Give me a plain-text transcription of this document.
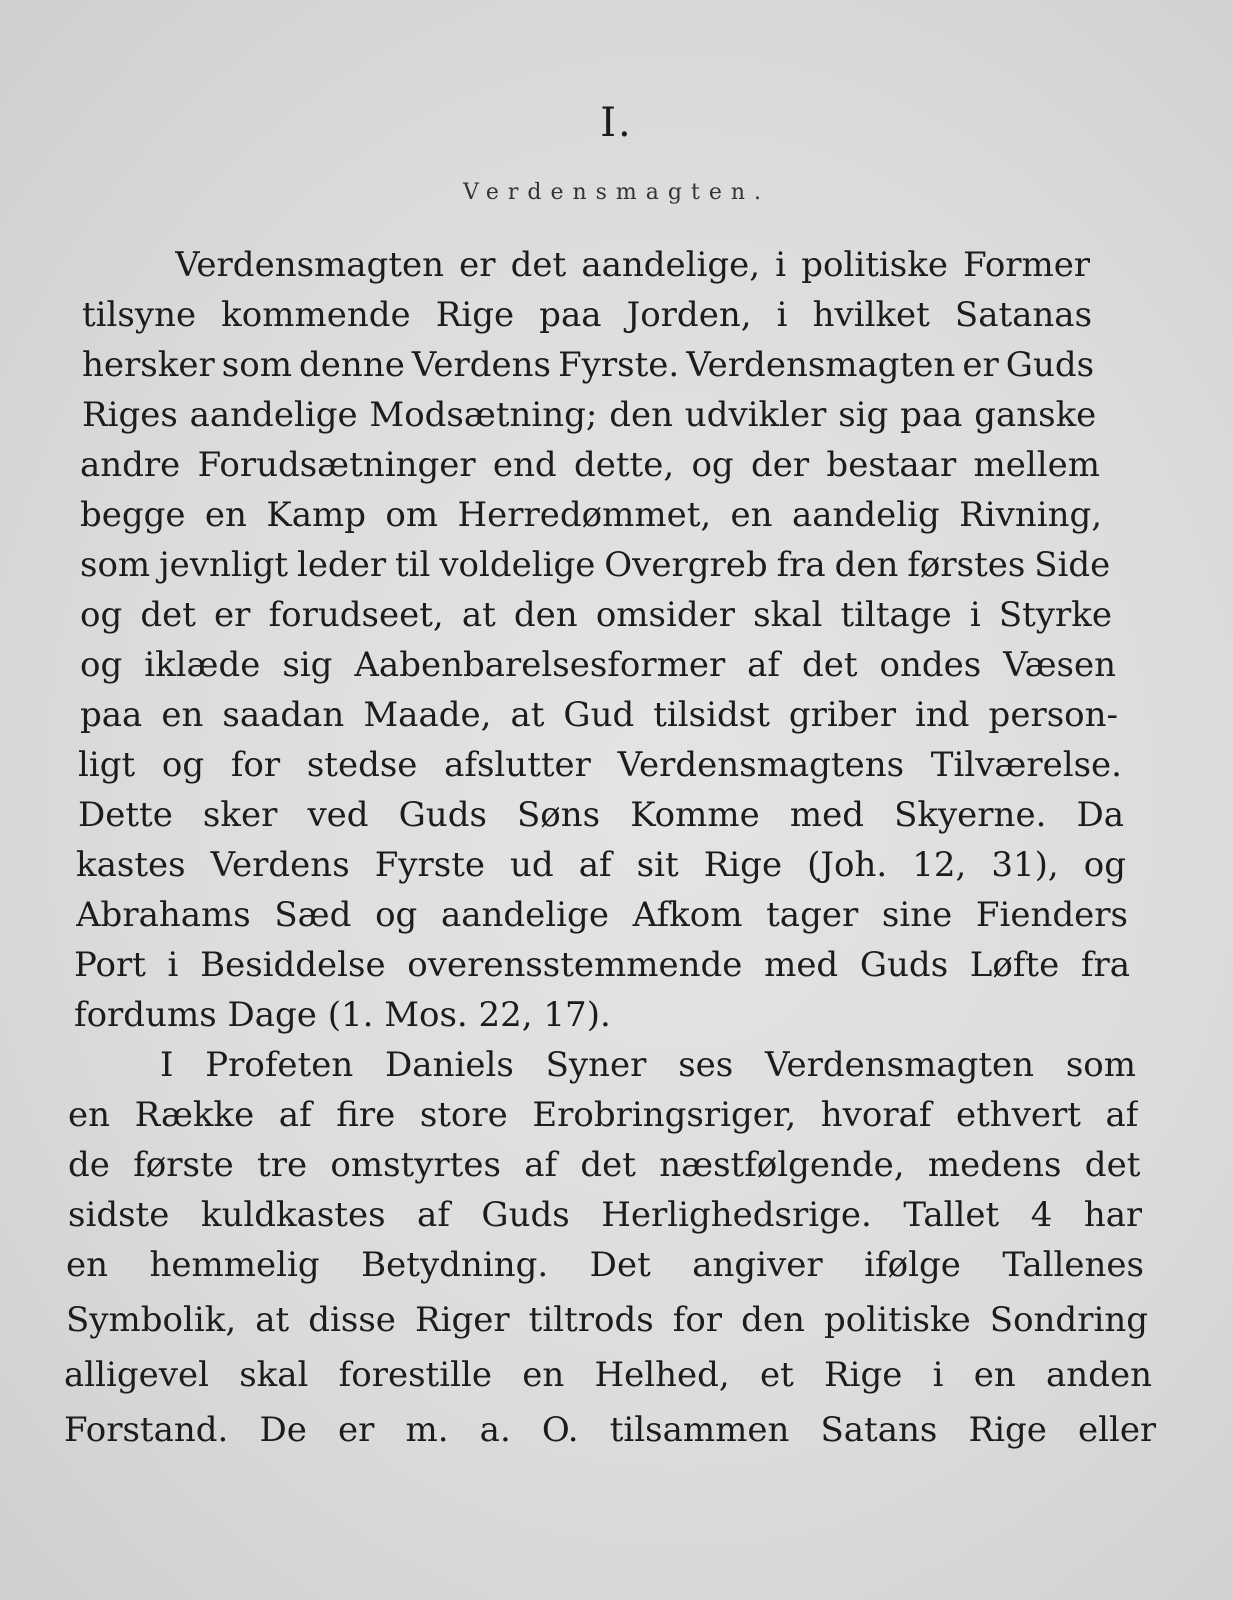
I.
Verdensmagten.
Verdensmagten er det aandelige, i politiske Former
tilsyne kommende Rige paa Jorden, i hvilket Satanas
hersker som denne Verdens Fyrste. Verdensmagten er Guds
Riges aandelige Modsætning; den udvikler sig paa ganske
andre Forudsætninger end dette, og der bestaar mellem
begge en Kamp om Herredømmet, en aandelig Rivning,
som jevnligt leder til voldelige Overgreb fra den førstes Side
og det er forudseet, at den omsider skal tiltage i Styrke
og iklæde sig Aabenbarelsesformer af det ondes Væsen
paa en saadan Maade, at Gud tilsidst griber ind person-
ligt og for stedse afslutter Verdensmagtens Tilværelse.
Dette sker ved Guds Søns Komme med Skyerne. Da
kastes Verdens Fyrste ud af sit Rige (Joh. 12, 31), og
Abrahams Sæd og aandelige Afkom tager sine Fienders
Port i Besiddelse overensstemmende med Guds Løfte fra
fordums Dage (1. Mos. 22, 17).
I Profeten Daniels Syner ses Verdensmagten som
en Række af fire store Erobringsriger, hvoraf ethvert af
de første tre omstyrtes af det næstfølgende, medens det
sidste kuldkastes af Guds Herlighedsrige. Tallet 4 har
en hemmelig Betydning. Det angiver ifølge Tallenes
Symbolik, at disse Riger tiltrods for den politiske Sondring
alligevel skal forestille en Helhed, et Rige i en anden
Forstand. De er m. a. O. tilsammen Satans Rige eller
